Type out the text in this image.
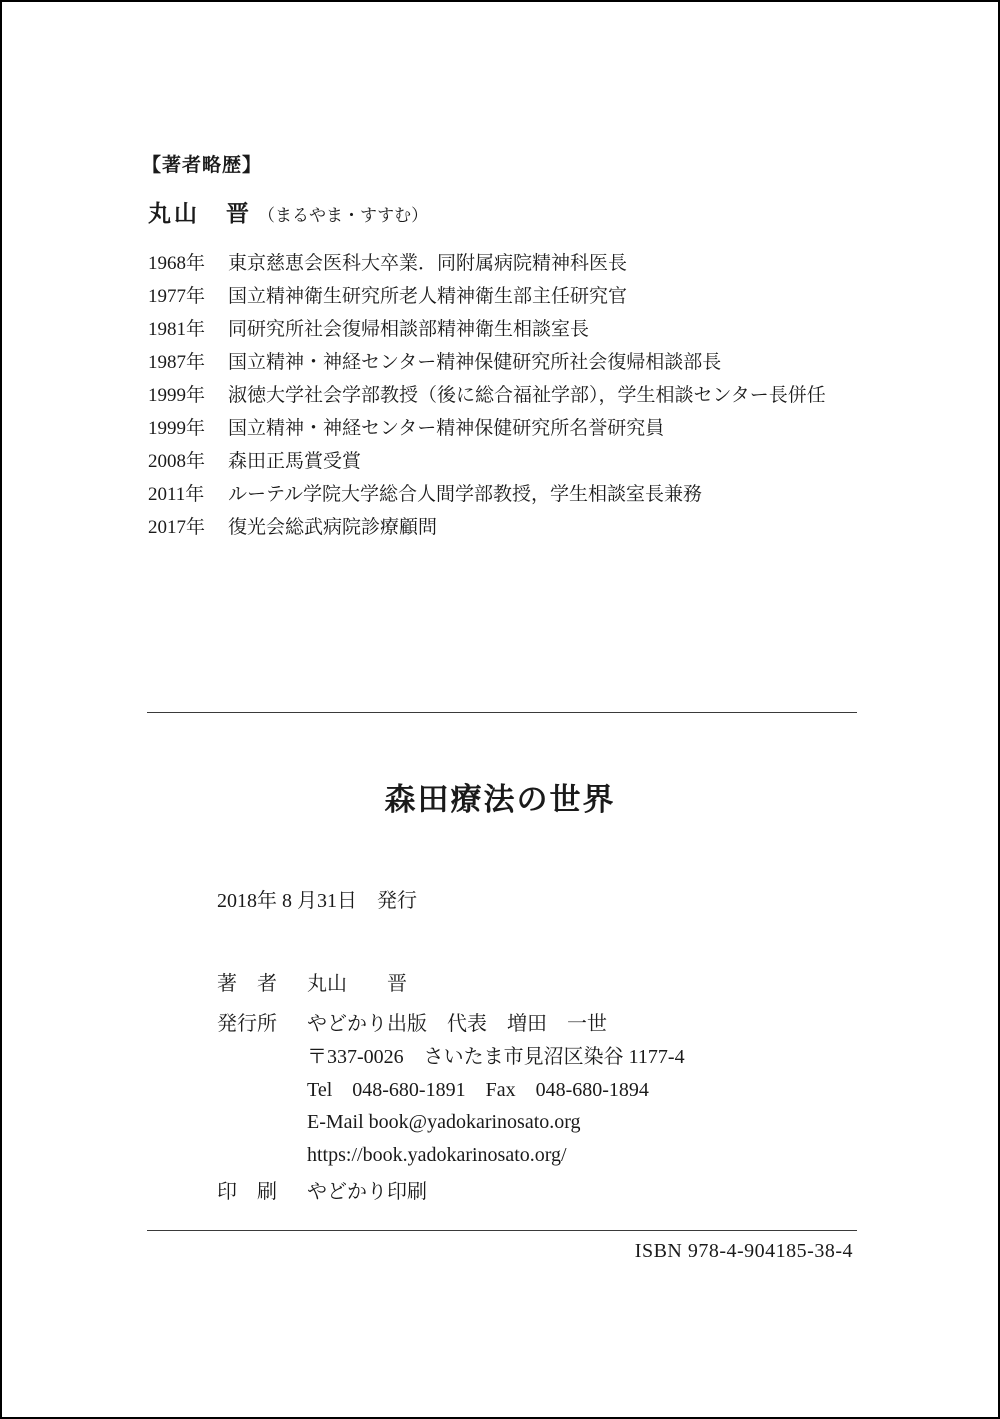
【著者略歴】
丸山　晋 （まるやま・すすむ）
1968年	東京慈恵会医科大卒業．同附属病院精神科医長
1977年	国立精神衛生研究所老人精神衛生部主任研究官
1981年	同研究所社会復帰相談部精神衛生相談室長
1987年	国立精神・神経センター精神保健研究所社会復帰相談部長
1999年	淑徳大学社会学部教授（後に総合福祉学部），学生相談センター長併任
1999年	国立精神・神経センター精神保健研究所名誉研究員
2008年	森田正馬賞受賞
2011年	ルーテル学院大学総合人間学部教授，学生相談室長兼務
2017年	復光会総武病院診療顧問
森田療法の世界
2018年 8 月31日　発行
著　者	丸山　　晋
発行所	やどかり出版　代表　増田　一世
〒337-0026　さいたま市見沼区染谷 1177-4
Tel　048-680-1891　Fax　048-680-1894
E-Mail book@yadokarinosato.org
https://book.yadokarinosato.org/
印　刷	やどかり印刷
ISBN 978-4-904185-38-4
